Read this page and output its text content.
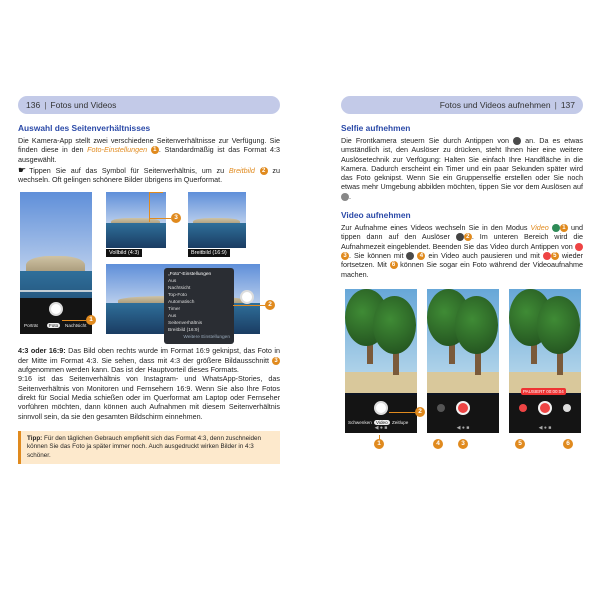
136 | Fotos und Videos
Auswahl des Seitenverhältnisses

Die Kamera-App stellt zwei verschiedene Seitenverhältnisse zur Verfügung. Sie finden diese in den Foto-Einstellungen 1 . Standardmäßig ist das Format 4:3 ausgewählt.

☛ Tippen Sie auf das Symbol für Seitenverhältnis, um zu Breitbild 2 zu wechseln. Oft gelingen schönere Bilder übrigens im Querformat.

Porträt	Foto	Nachtsicht
1
Vollbild (4:3)	Breitbild (16:9)
3
„Foto“-Einstellungen
Aus
Nachtsicht
Top-Foto
Automatisch
Timer
Aus
Seitenverhältnis
Breitbild (16:9)
Weitere Einstellungen
2

4:3 oder 16:9: Das Bild oben rechts wurde im Format 16:9 geknipst, das Foto in der Mitte im Format 4:3. Sie sehen, dass mit 4:3 der größere Bildausschnitt 3 aufgenommen werden kann. Das ist der Hauptvorteil dieses Formats.

9:16 ist das Seitenverhältnis von Instagram- und WhatsApp-Stories, das Seitenverhältnis von Monitoren und Fernsehern 16:9. Wenn Sie also Ihre Fotos direkt für Social Media schießen oder im Querformat am Laptop oder Fernseher vorführen möchten, dann können auch Aufnahmen mit diesem Seitenverhältnis sinnvoll sein, da sie den gesamten Bildschirm einnehmen.

Tipp: Für den täglichen Gebrauch empfiehlt sich das Format 4:3, denn zuschneiden können Sie das Foto ja später immer noch. Auch ausgedruckt wirken Bilder in 4:3 schöner.
Fotos und Videos aufnehmen | 137
Selfie aufnehmen

Die Frontkamera steuern Sie durch Antippen von  an. Da es etwas umständlich ist, den Auslöser zu drücken, steht Ihnen hier eine weitere Auslösetechnik zur Verfügung: Halten Sie einfach Ihre Handfläche in die Kamera. Dadurch erscheint ein Timer und ein paar Sekunden später wird das Foto geknipst. Wenn Sie ein Gruppenselfie erstellen oder Sie noch etwas mehr Umgebung abbilden möchten, tippen Sie vor dem Auslösen auf .

Video aufnehmen

Zur Aufnahme eines Videos wechseln Sie in den Modus Video 1 und tippen dann auf den Auslöser 2 . Im unteren Bereich wird die Aufnahmezeit eingeblendet. Beenden Sie das Video durch Antippen von  3 . Sie können mit  4 ein Video auch pausieren und mit 5 wieder fortsetzen. Mit 6 können Sie sogar ein Foto während der Videoaufnahme machen.

Schwenken Video Zeitlupe
◀ ● ■
1
2
◀ ● ■
4	3
PAUSIERT 00:00:04
◀ ● ■
5	6
